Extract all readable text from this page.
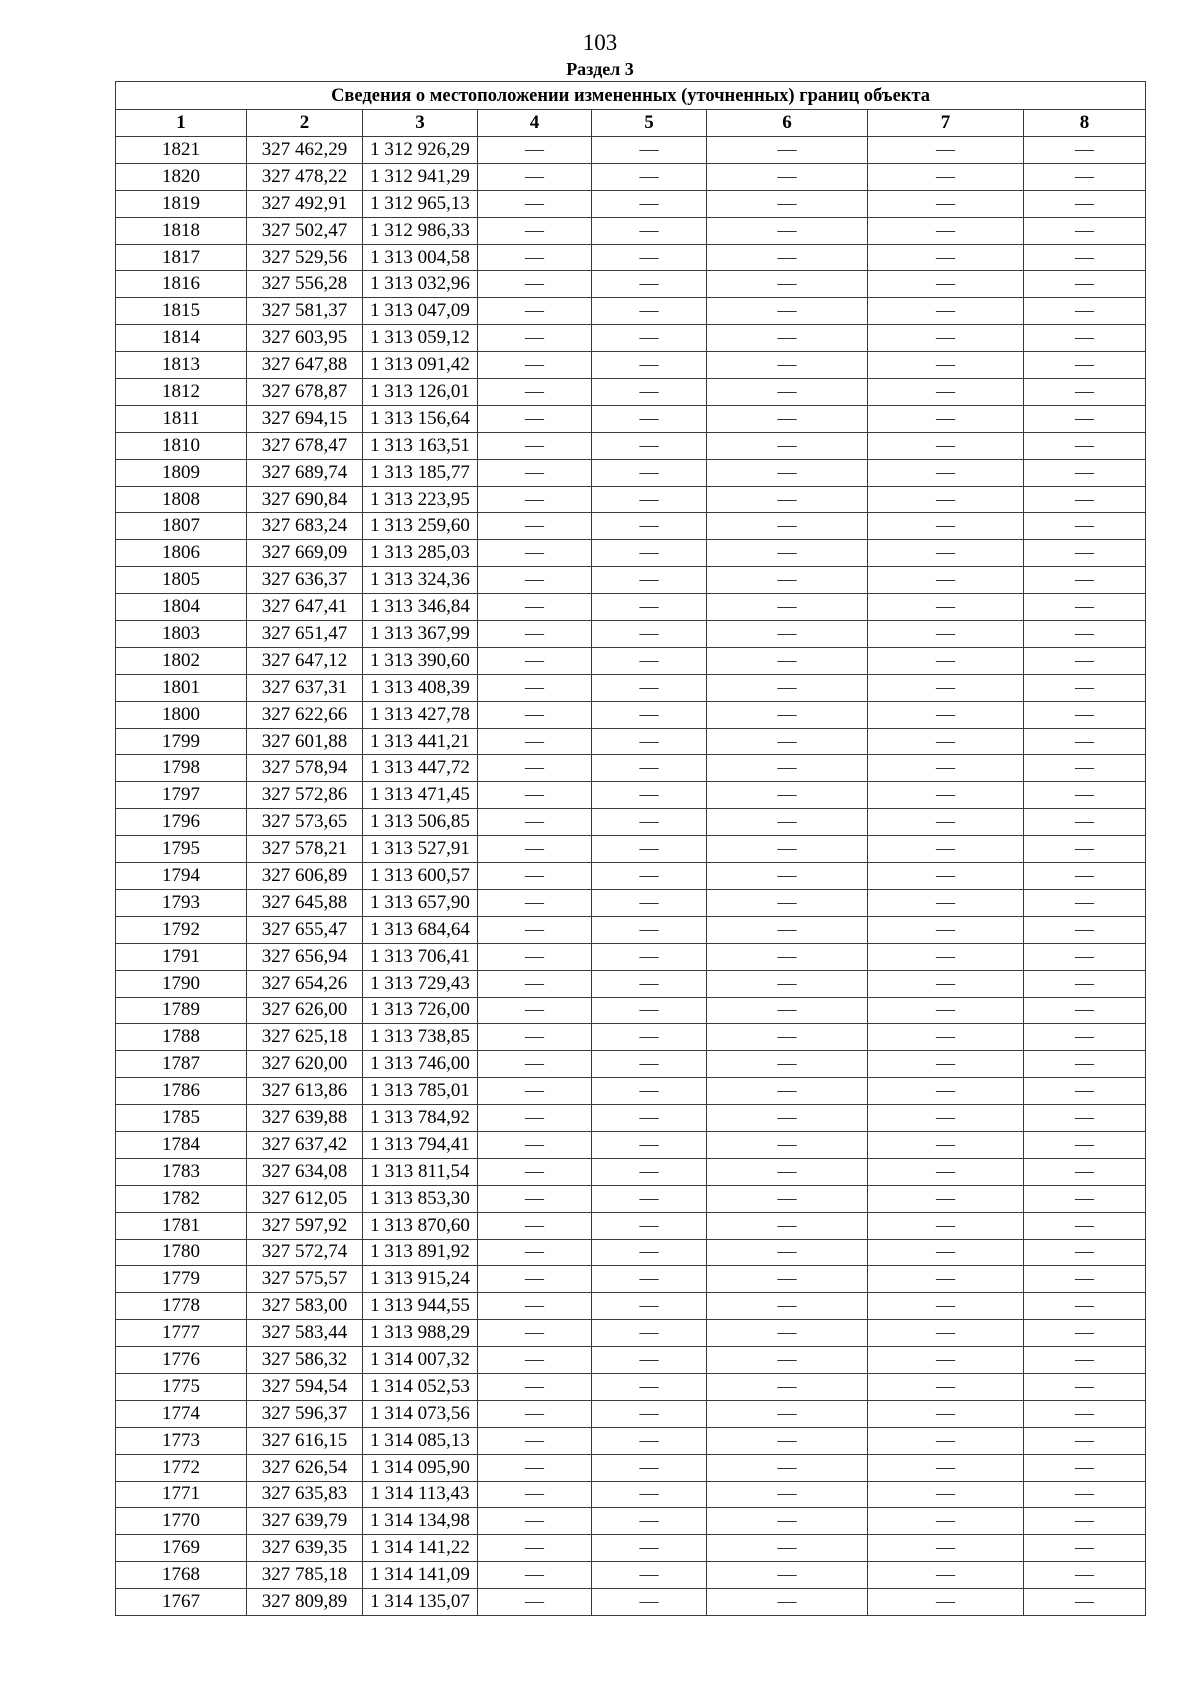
103
Раздел 3
Сведения о местоположении измененных (уточненных) границ объекта							
1	2	3	4	5	6	7	8
1821	327 462,29	1 312 926,29	—	—	—	—	—
1820	327 478,22	1 312 941,29	—	—	—	—	—
1819	327 492,91	1 312 965,13	—	—	—	—	—
1818	327 502,47	1 312 986,33	—	—	—	—	—
1817	327 529,56	1 313 004,58	—	—	—	—	—
1816	327 556,28	1 313 032,96	—	—	—	—	—
1815	327 581,37	1 313 047,09	—	—	—	—	—
1814	327 603,95	1 313 059,12	—	—	—	—	—
1813	327 647,88	1 313 091,42	—	—	—	—	—
1812	327 678,87	1 313 126,01	—	—	—	—	—
1811	327 694,15	1 313 156,64	—	—	—	—	—
1810	327 678,47	1 313 163,51	—	—	—	—	—
1809	327 689,74	1 313 185,77	—	—	—	—	—
1808	327 690,84	1 313 223,95	—	—	—	—	—
1807	327 683,24	1 313 259,60	—	—	—	—	—
1806	327 669,09	1 313 285,03	—	—	—	—	—
1805	327 636,37	1 313 324,36	—	—	—	—	—
1804	327 647,41	1 313 346,84	—	—	—	—	—
1803	327 651,47	1 313 367,99	—	—	—	—	—
1802	327 647,12	1 313 390,60	—	—	—	—	—
1801	327 637,31	1 313 408,39	—	—	—	—	—
1800	327 622,66	1 313 427,78	—	—	—	—	—
1799	327 601,88	1 313 441,21	—	—	—	—	—
1798	327 578,94	1 313 447,72	—	—	—	—	—
1797	327 572,86	1 313 471,45	—	—	—	—	—
1796	327 573,65	1 313 506,85	—	—	—	—	—
1795	327 578,21	1 313 527,91	—	—	—	—	—
1794	327 606,89	1 313 600,57	—	—	—	—	—
1793	327 645,88	1 313 657,90	—	—	—	—	—
1792	327 655,47	1 313 684,64	—	—	—	—	—
1791	327 656,94	1 313 706,41	—	—	—	—	—
1790	327 654,26	1 313 729,43	—	—	—	—	—
1789	327 626,00	1 313 726,00	—	—	—	—	—
1788	327 625,18	1 313 738,85	—	—	—	—	—
1787	327 620,00	1 313 746,00	—	—	—	—	—
1786	327 613,86	1 313 785,01	—	—	—	—	—
1785	327 639,88	1 313 784,92	—	—	—	—	—
1784	327 637,42	1 313 794,41	—	—	—	—	—
1783	327 634,08	1 313 811,54	—	—	—	—	—
1782	327 612,05	1 313 853,30	—	—	—	—	—
1781	327 597,92	1 313 870,60	—	—	—	—	—
1780	327 572,74	1 313 891,92	—	—	—	—	—
1779	327 575,57	1 313 915,24	—	—	—	—	—
1778	327 583,00	1 313 944,55	—	—	—	—	—
1777	327 583,44	1 313 988,29	—	—	—	—	—
1776	327 586,32	1 314 007,32	—	—	—	—	—
1775	327 594,54	1 314 052,53	—	—	—	—	—
1774	327 596,37	1 314 073,56	—	—	—	—	—
1773	327 616,15	1 314 085,13	—	—	—	—	—
1772	327 626,54	1 314 095,90	—	—	—	—	—
1771	327 635,83	1 314 113,43	—	—	—	—	—
1770	327 639,79	1 314 134,98	—	—	—	—	—
1769	327 639,35	1 314 141,22	—	—	—	—	—
1768	327 785,18	1 314 141,09	—	—	—	—	—
1767	327 809,89	1 314 135,07	—	—	—	—	—
